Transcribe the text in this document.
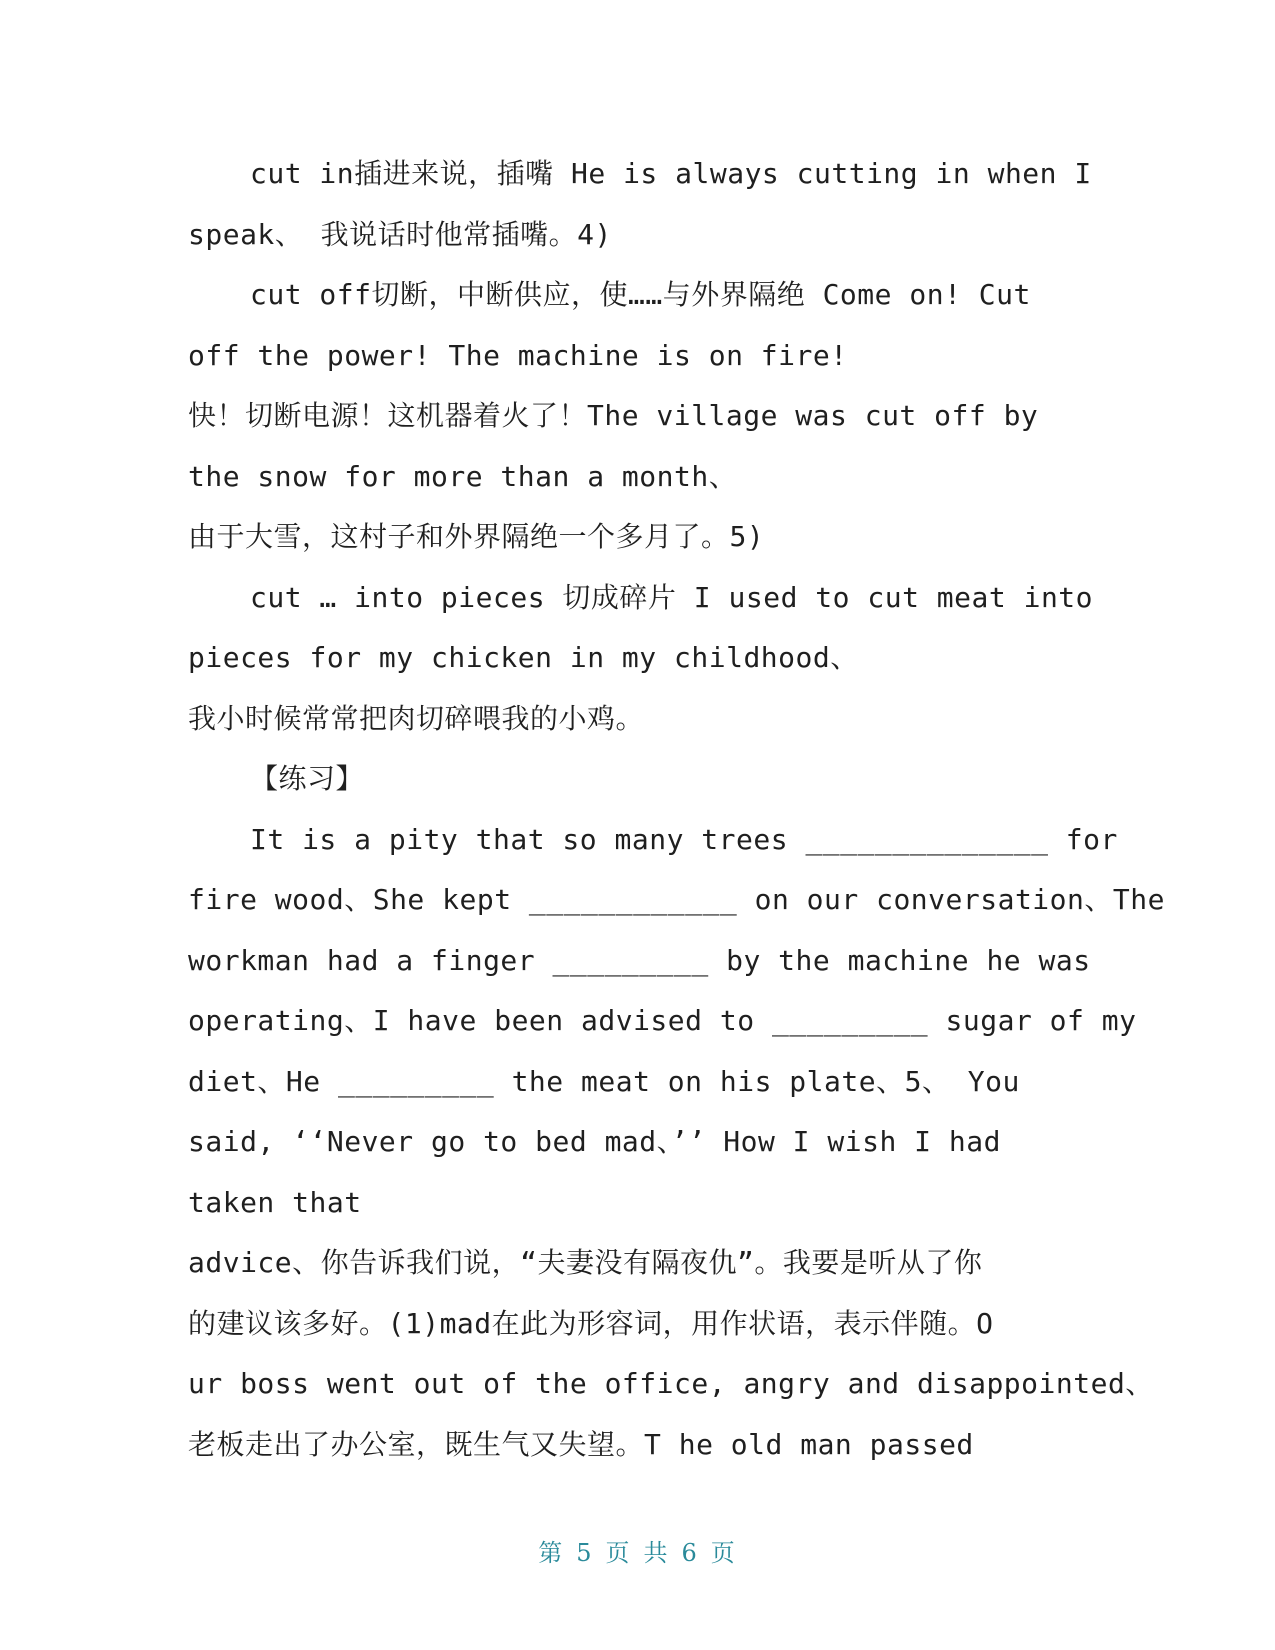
cut in插进来说，插嘴 He is always cutting in when I
speak、 我说话时他常插嘴。4)
cut off切断，中断供应，使……与外界隔绝 Come on! Cut
off the power! The machine is on fire!
快！切断电源！这机器着火了！The village was cut off by
the snow for more than a month、
由于大雪，这村子和外界隔绝一个多月了。5)
cut … into pieces 切成碎片 I used to cut meat into
pieces for my chicken in my childhood、
我小时候常常把肉切碎喂我的小鸡。
【练习】
It is a pity that so many trees ______________ for
fire wood、She kept ____________ on our conversation、The
workman had a finger _________ by the machine he was
operating、I have been advised to _________ sugar of my
diet、He _________ the meat on his plate、5、 You
said, ‘‘Never go to bed mad、’’ How I wish I had
taken that
advice、你告诉我们说，“夫妻没有隔夜仇”。我要是听从了你
的建议该多好。(1)mad在此为形容词，用作状语，表示伴随。O
ur boss went out of the office, angry and disappointed、
老板走出了办公室，既生气又失望。T he old man passed
第 5 页 共 6 页
